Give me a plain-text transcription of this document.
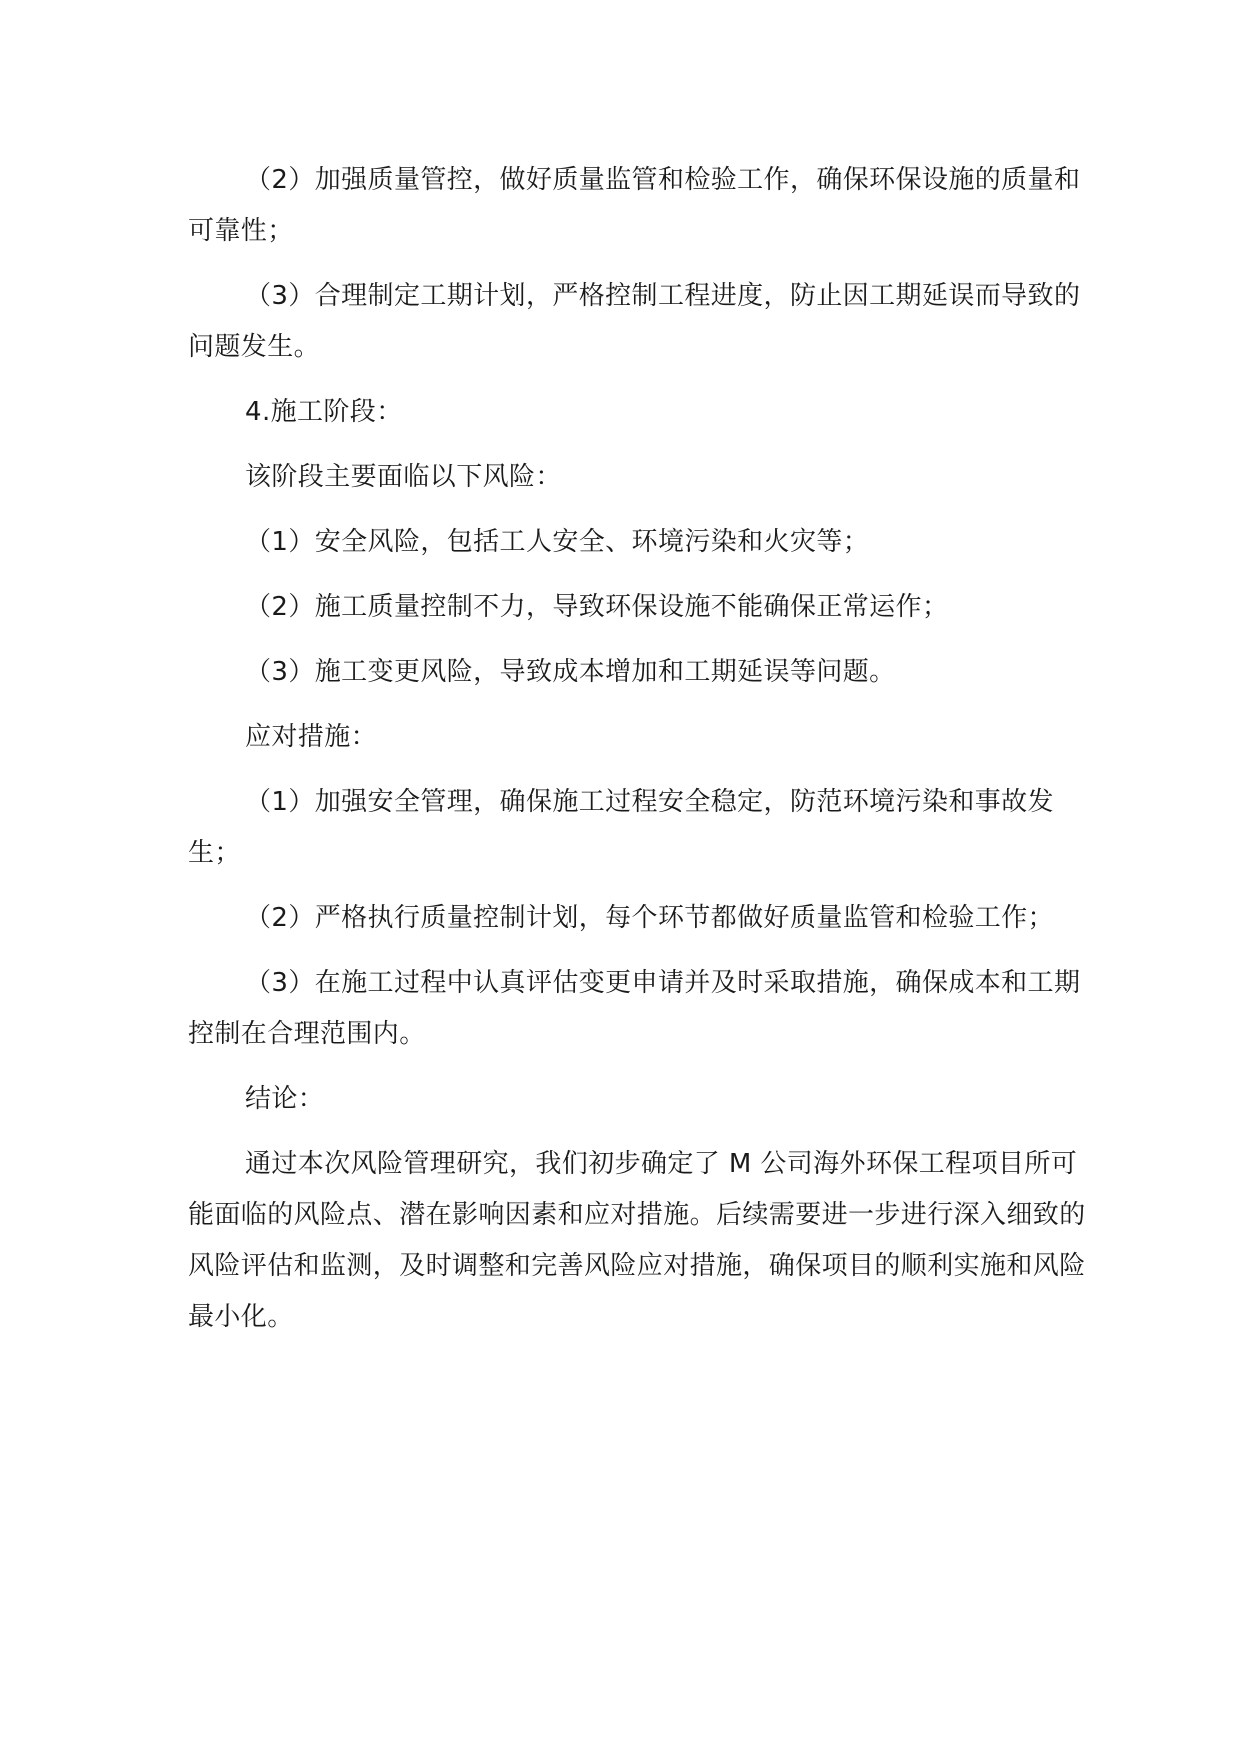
（2）加强质量管控，做好质量监管和检验工作，确保环保设施的质量和可靠性；

（3）合理制定工期计划，严格控制工程进度，防止因工期延误而导致的问题发生。

4.施工阶段：

该阶段主要面临以下风险：

（1）安全风险，包括工人安全、环境污染和火灾等；

（2）施工质量控制不力，导致环保设施不能确保正常运作；

（3）施工变更风险，导致成本增加和工期延误等问题。

应对措施：

（1）加强安全管理，确保施工过程安全稳定，防范环境污染和事故发生；

（2）严格执行质量控制计划，每个环节都做好质量监管和检验工作；

（3）在施工过程中认真评估变更申请并及时采取措施，确保成本和工期控制在合理范围内。

结论：

通过本次风险管理研究，我们初步确定了 M 公司海外环保工程项目所可能面临的风险点、潜在影响因素和应对措施。后续需要进一步进行深入细致的风险评估和监测，及时调整和完善风险应对措施，确保项目的顺利实施和风险最小化。
